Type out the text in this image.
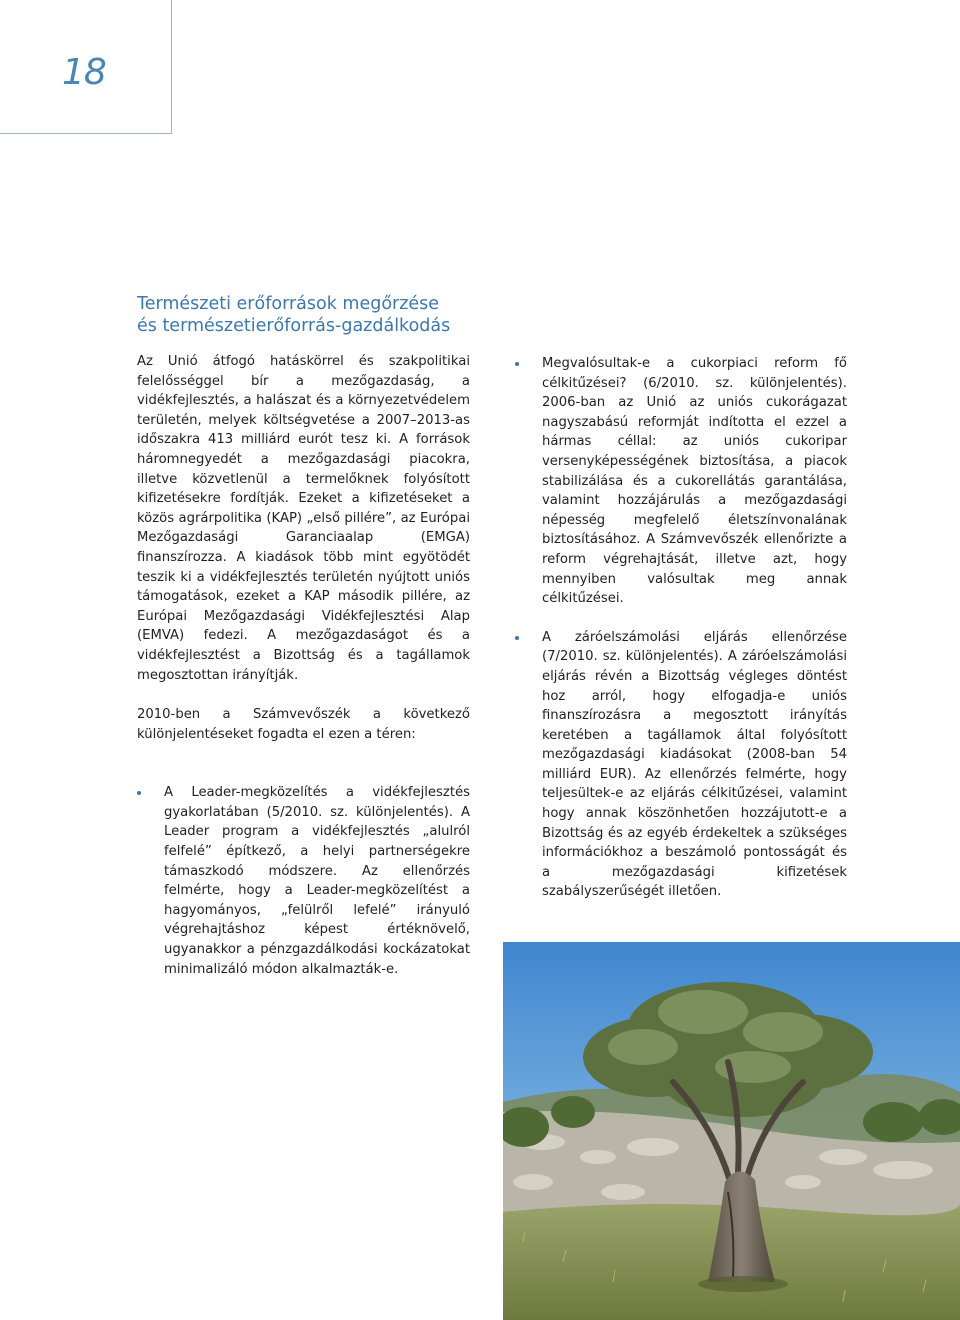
18
Természeti erőforrások megőrzése
és természetierőforrás-gazdálkodás

Az Unió átfogó hatáskörrel és szakpolitikai felelősséggel bír a mezőgazdaság, a vidékfejlesztés, a halászat és a környezetvédelem területén, melyek költségvetése a 2007–2013-as időszakra 413 milliárd eurót tesz ki. A források háromnegyedét a mezőgazdasági piacokra, illetve közvetlenül a termelőknek folyósított kifizetésekre fordítják. Ezeket a kifizetéseket a közös agrárpolitika (KAP) „első pillére”, az Európai Mezőgazdasági Garanciaalap (EMGA) finanszírozza. A kiadások több mint egyötödét teszik ki a vidékfejlesztés területén nyújtott uniós támogatások, ezeket a KAP második pillére, az Európai Mezőgazdasági Vidékfejlesztési Alap (EMVA) fedezi. A mezőgazdaságot és a vidékfejlesztést a Bizottság és a tagállamok megosztottan irányítják.

2010-ben a Számvevőszék a következő különjelentéseket fogadta el ezen a téren:

A Leader-megközelítés a vidékfejlesztés gyakorlatában (5/2010. sz. különjelentés). A Leader program a vidékfejlesztés „alulról felfelé” építkező, a helyi partnerségekre támaszkodó módszere. Az ellenőrzés felmérte, hogy a Leader-megközelítést a hagyományos, „felülről lefelé” irányuló végrehajtáshoz képest értéknövelő, ugyanakkor a pénzgazdálkodási kockázatokat minimalizáló módon alkalmazták-e.
Megvalósultak-e a cukorpiaci reform fő célkitűzései? (6/2010. sz. különjelentés). 2006-ban az Unió az uniós cukorágazat nagyszabású reformját indította el ezzel a hármas céllal: az uniós cukoripar versenyképességének biztosítása, a piacok stabilizálása és a cukorellátás garantálása, valamint hozzájárulás a mezőgazdasági népesség megfelelő életszínvonalának biztosításához. A Számvevőszék ellenőrizte a reform végrehajtását, illetve azt, hogy mennyiben valósultak meg annak célkitűzései.
A záróelszámolási eljárás ellenőrzése (7/2010. sz. különjelentés). A záróelszámolási eljárás révén a Bizottság végleges döntést hoz arról, hogy elfogadja-e uniós finanszírozásra a megosztott irányítás keretében a tagállamok által folyósított mezőgazdasági kiadásokat (2008-ban 54 milliárd EUR). Az ellenőrzés felmérte, hogy teljesültek-e az eljárás célkitűzései, valamint hogy annak köszönhetően hozzájutott-e a Bizottság és az egyéb érdekeltek a szükséges információkhoz a beszámoló pontosságát és a mezőgazdasági kifizetések szabályszerűségét illetően.
